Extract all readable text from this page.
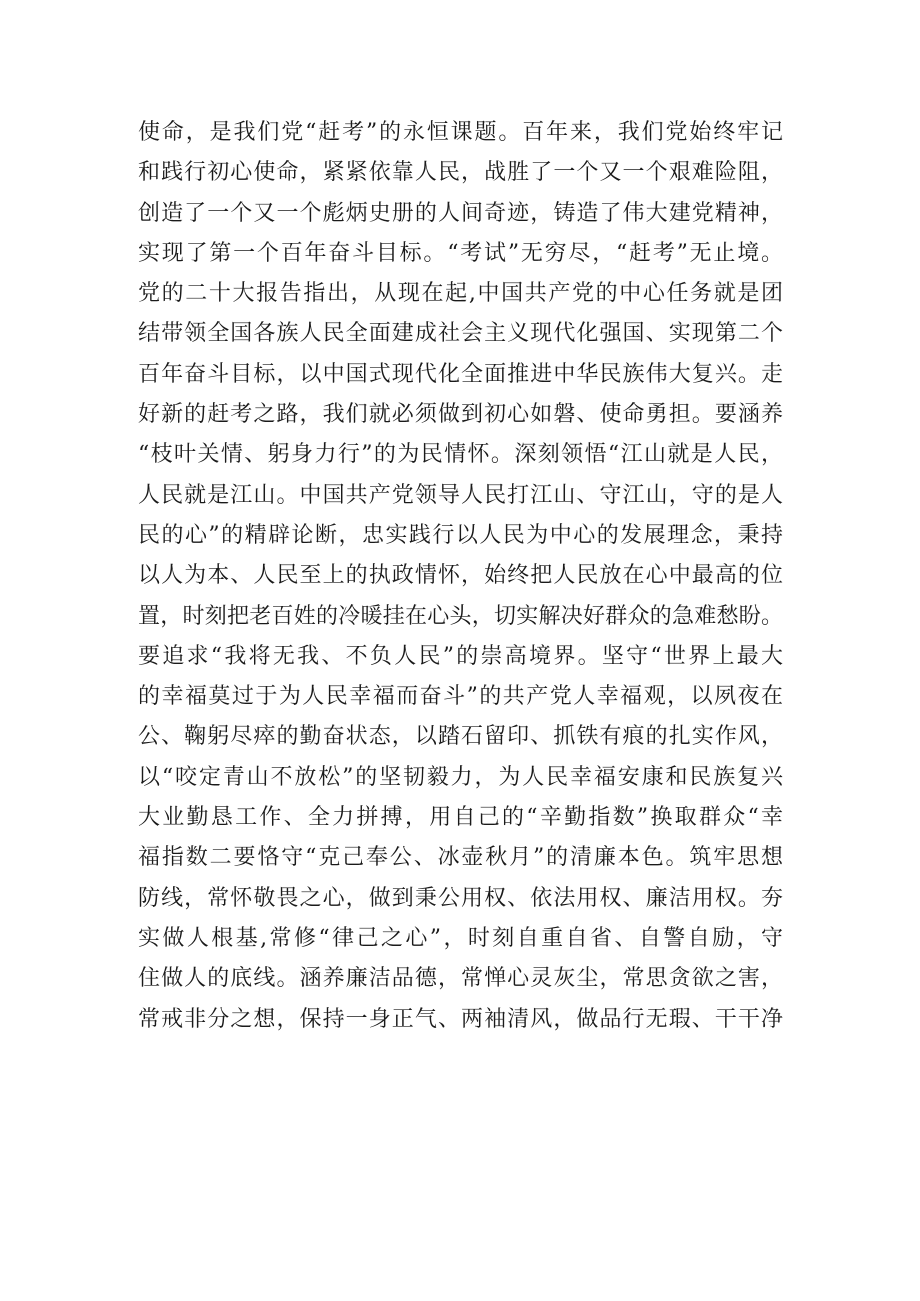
使命，是我们党“赶考”的永恒课题。百年来，我们党始终牢记
和践行初心使命，紧紧依靠人民，战胜了一个又一个艰难险阻，
创造了一个又一个彪炳史册的人间奇迹，铸造了伟大建党精神，
实现了第一个百年奋斗目标。“考试”无穷尽，“赶考”无止境。
党的二十大报告指出，从现在起,中国共产党的中心任务就是团
结带领全国各族人民全面建成社会主义现代化强国、实现第二个
百年奋斗目标，以中国式现代化全面推进中华民族伟大复兴。走
好新的赶考之路，我们就必须做到初心如磐、使命勇担。要涵养
“枝叶关情、躬身力行”的为民情怀。深刻领悟“江山就是人民，
人民就是江山。中国共产党领导人民打江山、守江山，守的是人
民的心”的精辟论断，忠实践行以人民为中心的发展理念，秉持
以人为本、人民至上的执政情怀，始终把人民放在心中最高的位
置，时刻把老百姓的冷暖挂在心头，切实解决好群众的急难愁盼。
要追求“我将无我、不负人民”的崇高境界。坚守“世界上最大
的幸福莫过于为人民幸福而奋斗”的共产党人幸福观，以夙夜在
公、鞠躬尽瘁的勤奋状态，以踏石留印、抓铁有痕的扎实作风，
以“咬定青山不放松”的坚韧毅力，为人民幸福安康和民族复兴
大业勤恳工作、全力拼搏，用自己的“辛勤指数”换取群众“幸
福指数二要恪守“克己奉公、冰壶秋月”的清廉本色。筑牢思想
防线，常怀敬畏之心，做到秉公用权、依法用权、廉洁用权。夯
实做人根基,常修“律己之心”，时刻自重自省、自警自励，守
住做人的底线。涵养廉洁品德，常惮心灵灰尘，常思贪欲之害，
常戒非分之想，保持一身正气、两袖清风，做品行无瑕、干干净
